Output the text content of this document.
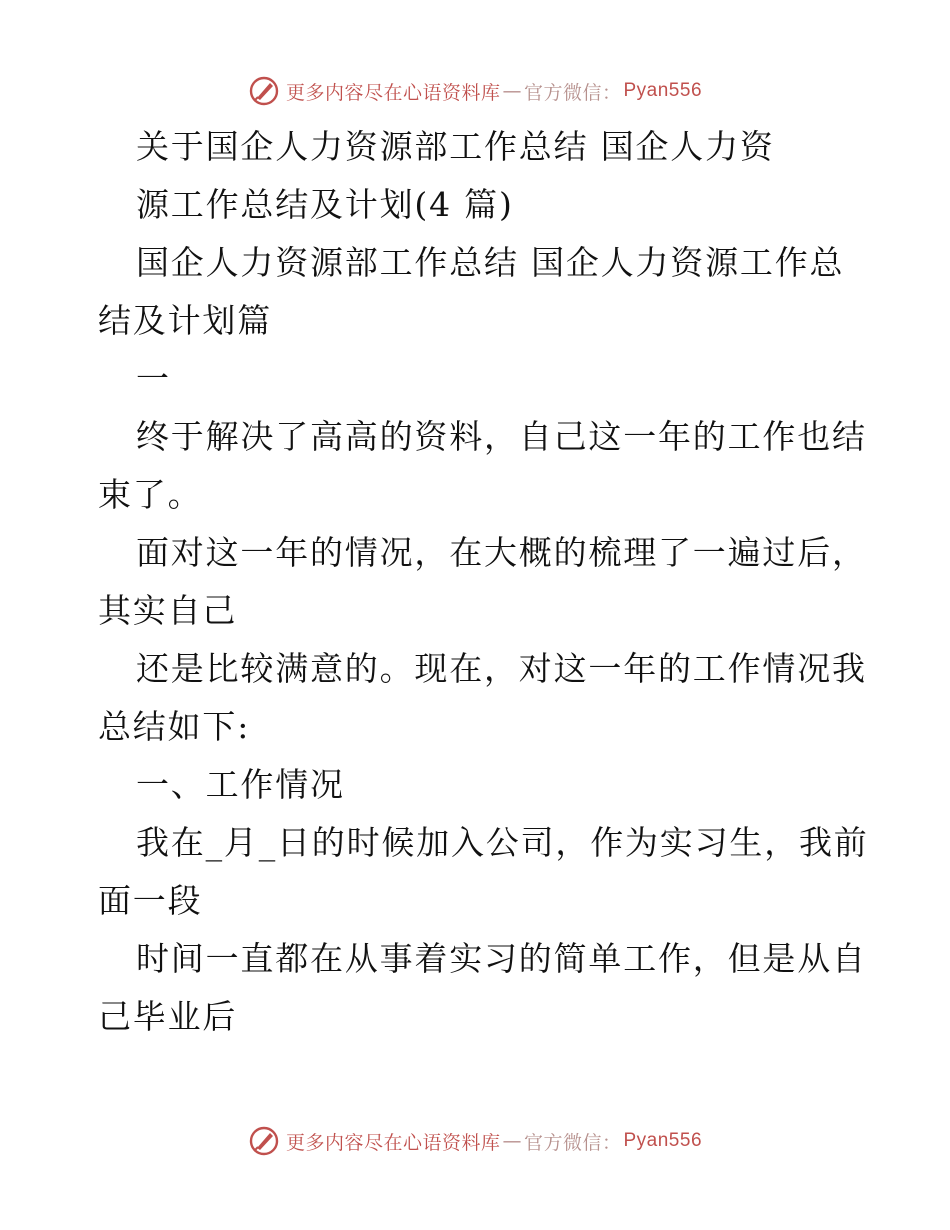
更多内容尽在心语资料库 — 官方微信： Pyan556
关于国企人力资源部工作总结 国企人力资
源工作总结及计划(4 篇)
国企人力资源部工作总结 国企人力资源工作总
结及计划篇
一
终于解决了高高的资料，自己这一年的工作也结
束了。
面对这一年的情况，在大概的梳理了一遍过后，
其实自己
还是比较满意的。现在，对这一年的工作情况我
总结如下:
一、工作情况
我在_月_日的时候加入公司，作为实习生，我前
面一段
时间一直都在从事着实习的简单工作，但是从自
己毕业后
更多内容尽在心语资料库 — 官方微信： Pyan556
